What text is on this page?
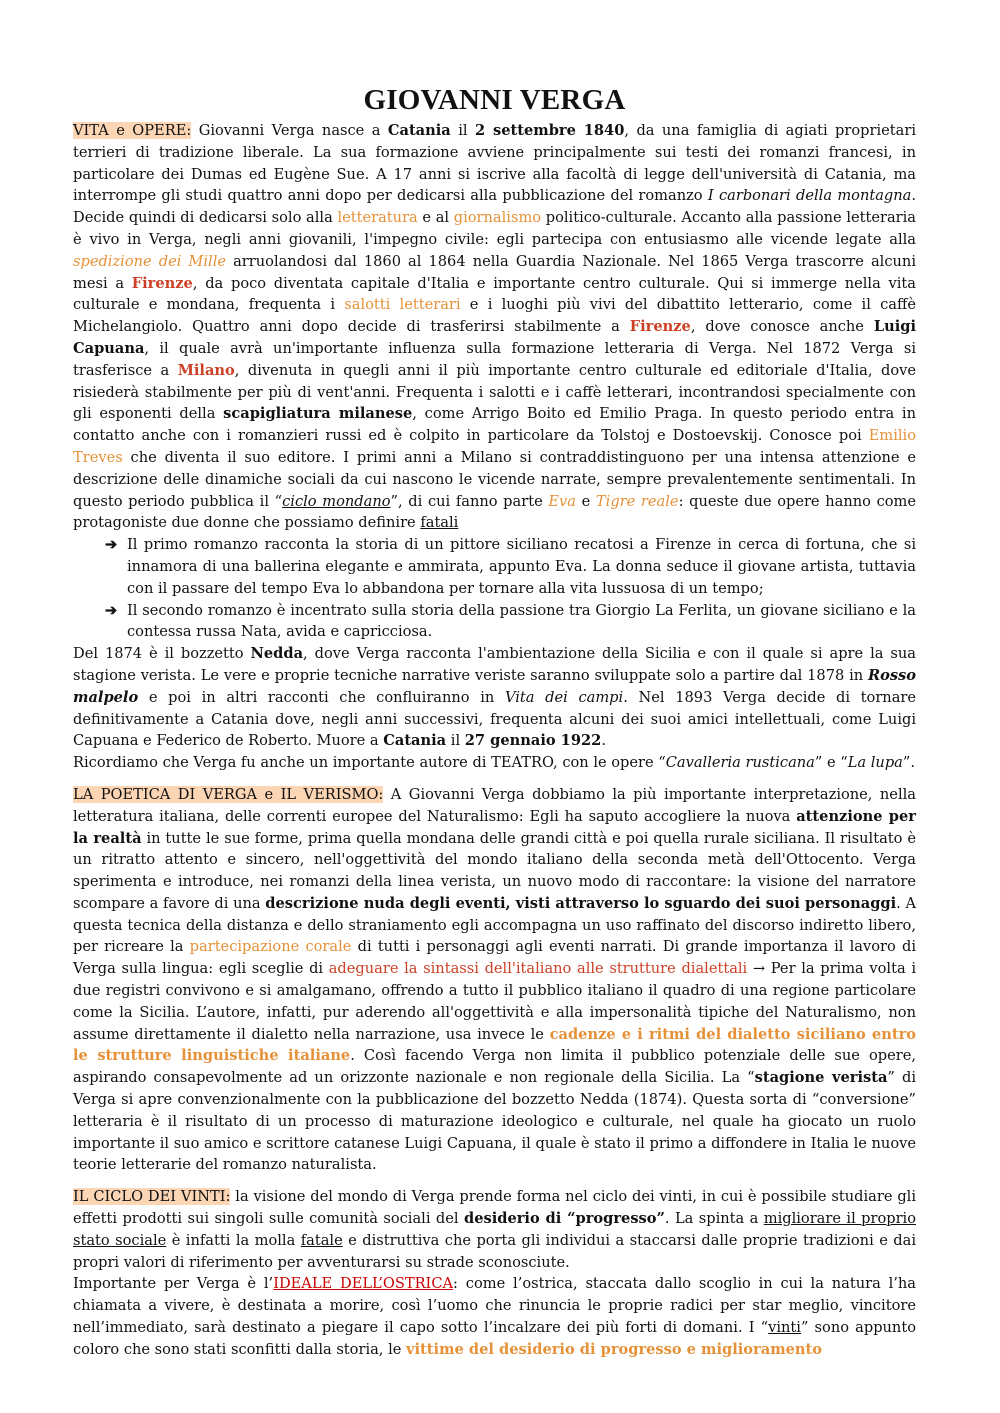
GIOVANNI VERGA

VITA e OPERE: Giovanni Verga nasce a Catania il 2 settembre 1840, da una famiglia di agiati proprietari terrieri di tradizione liberale. La sua formazione avviene principalmente sui testi dei romanzi francesi, in particolare dei Dumas ed Eugène Sue. A 17 anni si iscrive alla facoltà di legge dell'università di Catania, ma interrompe gli studi quattro anni dopo per dedicarsi alla pubblicazione del romanzo I carbonari della montagna. Decide quindi di dedicarsi solo alla letteratura e al giornalismo politico-culturale. Accanto alla passione letteraria è vivo in Verga, negli anni giovanili, l'impegno civile: egli partecipa con entusiasmo alle vicende legate alla spedizione dei Mille arruolandosi dal 1860 al 1864 nella Guardia Nazionale. Nel 1865 Verga trascorre alcuni mesi a Firenze, da poco diventata capitale d'Italia e importante centro culturale. Qui si immerge nella vita culturale e mondana, frequenta i salotti letterari e i luoghi più vivi del dibattito letterario, come il caffè Michelangiolo. Quattro anni dopo decide di trasferirsi stabilmente a Firenze, dove conosce anche Luigi Capuana, il quale avrà un'importante influenza sulla formazione letteraria di Verga. Nel 1872 Verga si trasferisce a Milano, divenuta in quegli anni il più importante centro culturale ed editoriale d'Italia, dove risiederà stabilmente per più di vent'anni. Frequenta i salotti e i caffè letterari, incontrandosi specialmente con gli esponenti della scapigliatura milanese, come Arrigo Boito ed Emilio Praga. In questo periodo entra in contatto anche con i romanzieri russi ed è colpito in particolare da Tolstoj e Dostoevskij. Conosce poi Emilio Treves che diventa il suo editore. I primi anni a Milano si contraddistinguono per una intensa attenzione e descrizione delle dinamiche sociali da cui nascono le vicende narrate, sempre prevalentemente sentimentali. In questo periodo pubblica il “ciclo mondano”, di cui fanno parte Eva e Tigre reale: queste due opere hanno come protagoniste due donne che possiamo definire fatali

➔ Il primo romanzo racconta la storia di un pittore siciliano recatosi a Firenze in cerca di fortuna, che si innamora di una ballerina elegante e ammirata, appunto Eva. La donna seduce il giovane artista, tuttavia con il passare del tempo Eva lo abbandona per tornare alla vita lussuosa di un tempo;
➔ Il secondo romanzo è incentrato sulla storia della passione tra Giorgio La Ferlita, un giovane siciliano e la contessa russa Nata, avida e capricciosa.

Del 1874 è il bozzetto Nedda, dove Verga racconta l'ambientazione della Sicilia e con il quale si apre la sua stagione verista. Le vere e proprie tecniche narrative veriste saranno sviluppate solo a partire dal 1878 in Rosso malpelo e poi in altri racconti che confluiranno in Vita dei campi. Nel 1893 Verga decide di tornare definitivamente a Catania dove, negli anni successivi, frequenta alcuni dei suoi amici intellettuali, come Luigi Capuana e Federico de Roberto. Muore a Catania il 27 gennaio 1922.

Ricordiamo che Verga fu anche un importante autore di TEATRO, con le opere “Cavalleria rusticana” e “La lupa”.

LA POETICA DI VERGA e IL VERISMO: A Giovanni Verga dobbiamo la più importante interpretazione, nella letteratura italiana, delle correnti europee del Naturalismo: Egli ha saputo accogliere la nuova attenzione per la realtà in tutte le sue forme, prima quella mondana delle grandi città e poi quella rurale siciliana. Il risultato è un ritratto attento e sincero, nell'oggettività del mondo italiano della seconda metà dell'Ottocento. Verga sperimenta e introduce, nei romanzi della linea verista, un nuovo modo di raccontare: la visione del narratore scompare a favore di una descrizione nuda degli eventi, visti attraverso lo sguardo dei suoi personaggi. A questa tecnica della distanza e dello straniamento egli accompagna un uso raffinato del discorso indiretto libero, per ricreare la partecipazione corale di tutti i personaggi agli eventi narrati. Di grande importanza il lavoro di Verga sulla lingua: egli sceglie di adeguare la sintassi dell'italiano alle strutture dialettali → Per la prima volta i due registri convivono e si amalgamano, offrendo a tutto il pubblico italiano il quadro di una regione particolare come la Sicilia. L’autore, infatti, pur aderendo all'oggettività e alla impersonalità tipiche del Naturalismo, non assume direttamente il dialetto nella narrazione, usa invece le cadenze e i ritmi del dialetto siciliano entro le strutture linguistiche italiane. Così facendo Verga non limita il pubblico potenziale delle sue opere, aspirando consapevolmente ad un orizzonte nazionale e non regionale della Sicilia. La “stagione verista” di Verga si apre convenzionalmente con la pubblicazione del bozzetto Nedda (1874). Questa sorta di “conversione” letteraria è il risultato di un processo di maturazione ideologico e culturale, nel quale ha giocato un ruolo importante il suo amico e scrittore catanese Luigi Capuana, il quale è stato il primo a diffondere in Italia le nuove teorie letterarie del romanzo naturalista.

IL CICLO DEI VINTI: la visione del mondo di Verga prende forma nel ciclo dei vinti, in cui è possibile studiare gli effetti prodotti sui singoli sulle comunità sociali del desiderio di “progresso”. La spinta a migliorare il proprio stato sociale è infatti la molla fatale e distruttiva che porta gli individui a staccarsi dalle proprie tradizioni e dai propri valori di riferimento per avventurarsi su strade sconosciute.

Importante per Verga è l’IDEALE DELL’OSTRICA: come l’ostrica, staccata dallo scoglio in cui la natura l’ha chiamata a vivere, è destinata a morire, così l’uomo che rinuncia le proprie radici per star meglio, vincitore nell’immediato, sarà destinato a piegare il capo sotto l’incalzare dei più forti di domani. I “vinti” sono appunto coloro che sono stati sconfitti dalla storia, le vittime del desiderio di progresso e miglioramento
